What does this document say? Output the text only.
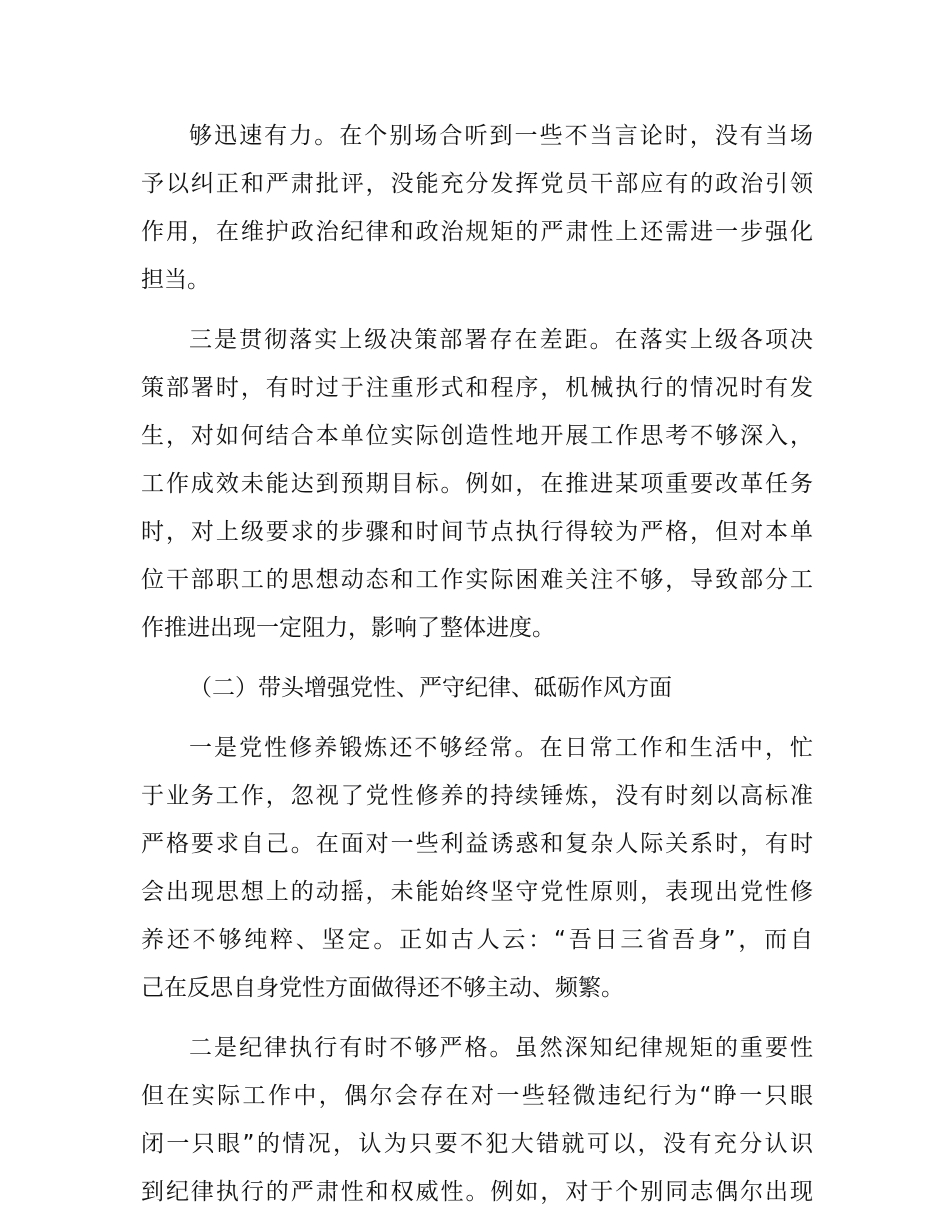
够迅速有力。在个别场合听到一些不当言论时，没有当场
予以纠正和严肃批评，没能充分发挥党员干部应有的政治引领
作用，在维护政治纪律和政治规矩的严肃性上还需进一步强化
担当。
三是贯彻落实上级决策部署存在差距。在落实上级各项决
策部署时，有时过于注重形式和程序，机械执行的情况时有发
生，对如何结合本单位实际创造性地开展工作思考不够深入，
工作成效未能达到预期目标。例如，在推进某项重要改革任务
时，对上级要求的步骤和时间节点执行得较为严格，但对本单
位干部职工的思想动态和工作实际困难关注不够，导致部分工
作推进出现一定阻力，影响了整体进度。
（二）带头增强党性、严守纪律、砥砺作风方面
一是党性修养锻炼还不够经常。在日常工作和生活中，忙
于业务工作，忽视了党性修养的持续锤炼，没有时刻以高标准
严格要求自己。在面对一些利益诱惑和复杂人际关系时，有时
会出现思想上的动摇，未能始终坚守党性原则，表现出党性修
养还不够纯粹、坚定。正如古人云：“吾日三省吾身”，而自
己在反思自身党性方面做得还不够主动、频繁。
二是纪律执行有时不够严格。虽然深知纪律规矩的重要性
但在实际工作中，偶尔会存在对一些轻微违纪行为“睁一只眼
闭一只眼”的情况，认为只要不犯大错就可以，没有充分认识
到纪律执行的严肃性和权威性。例如，对于个别同志偶尔出现
